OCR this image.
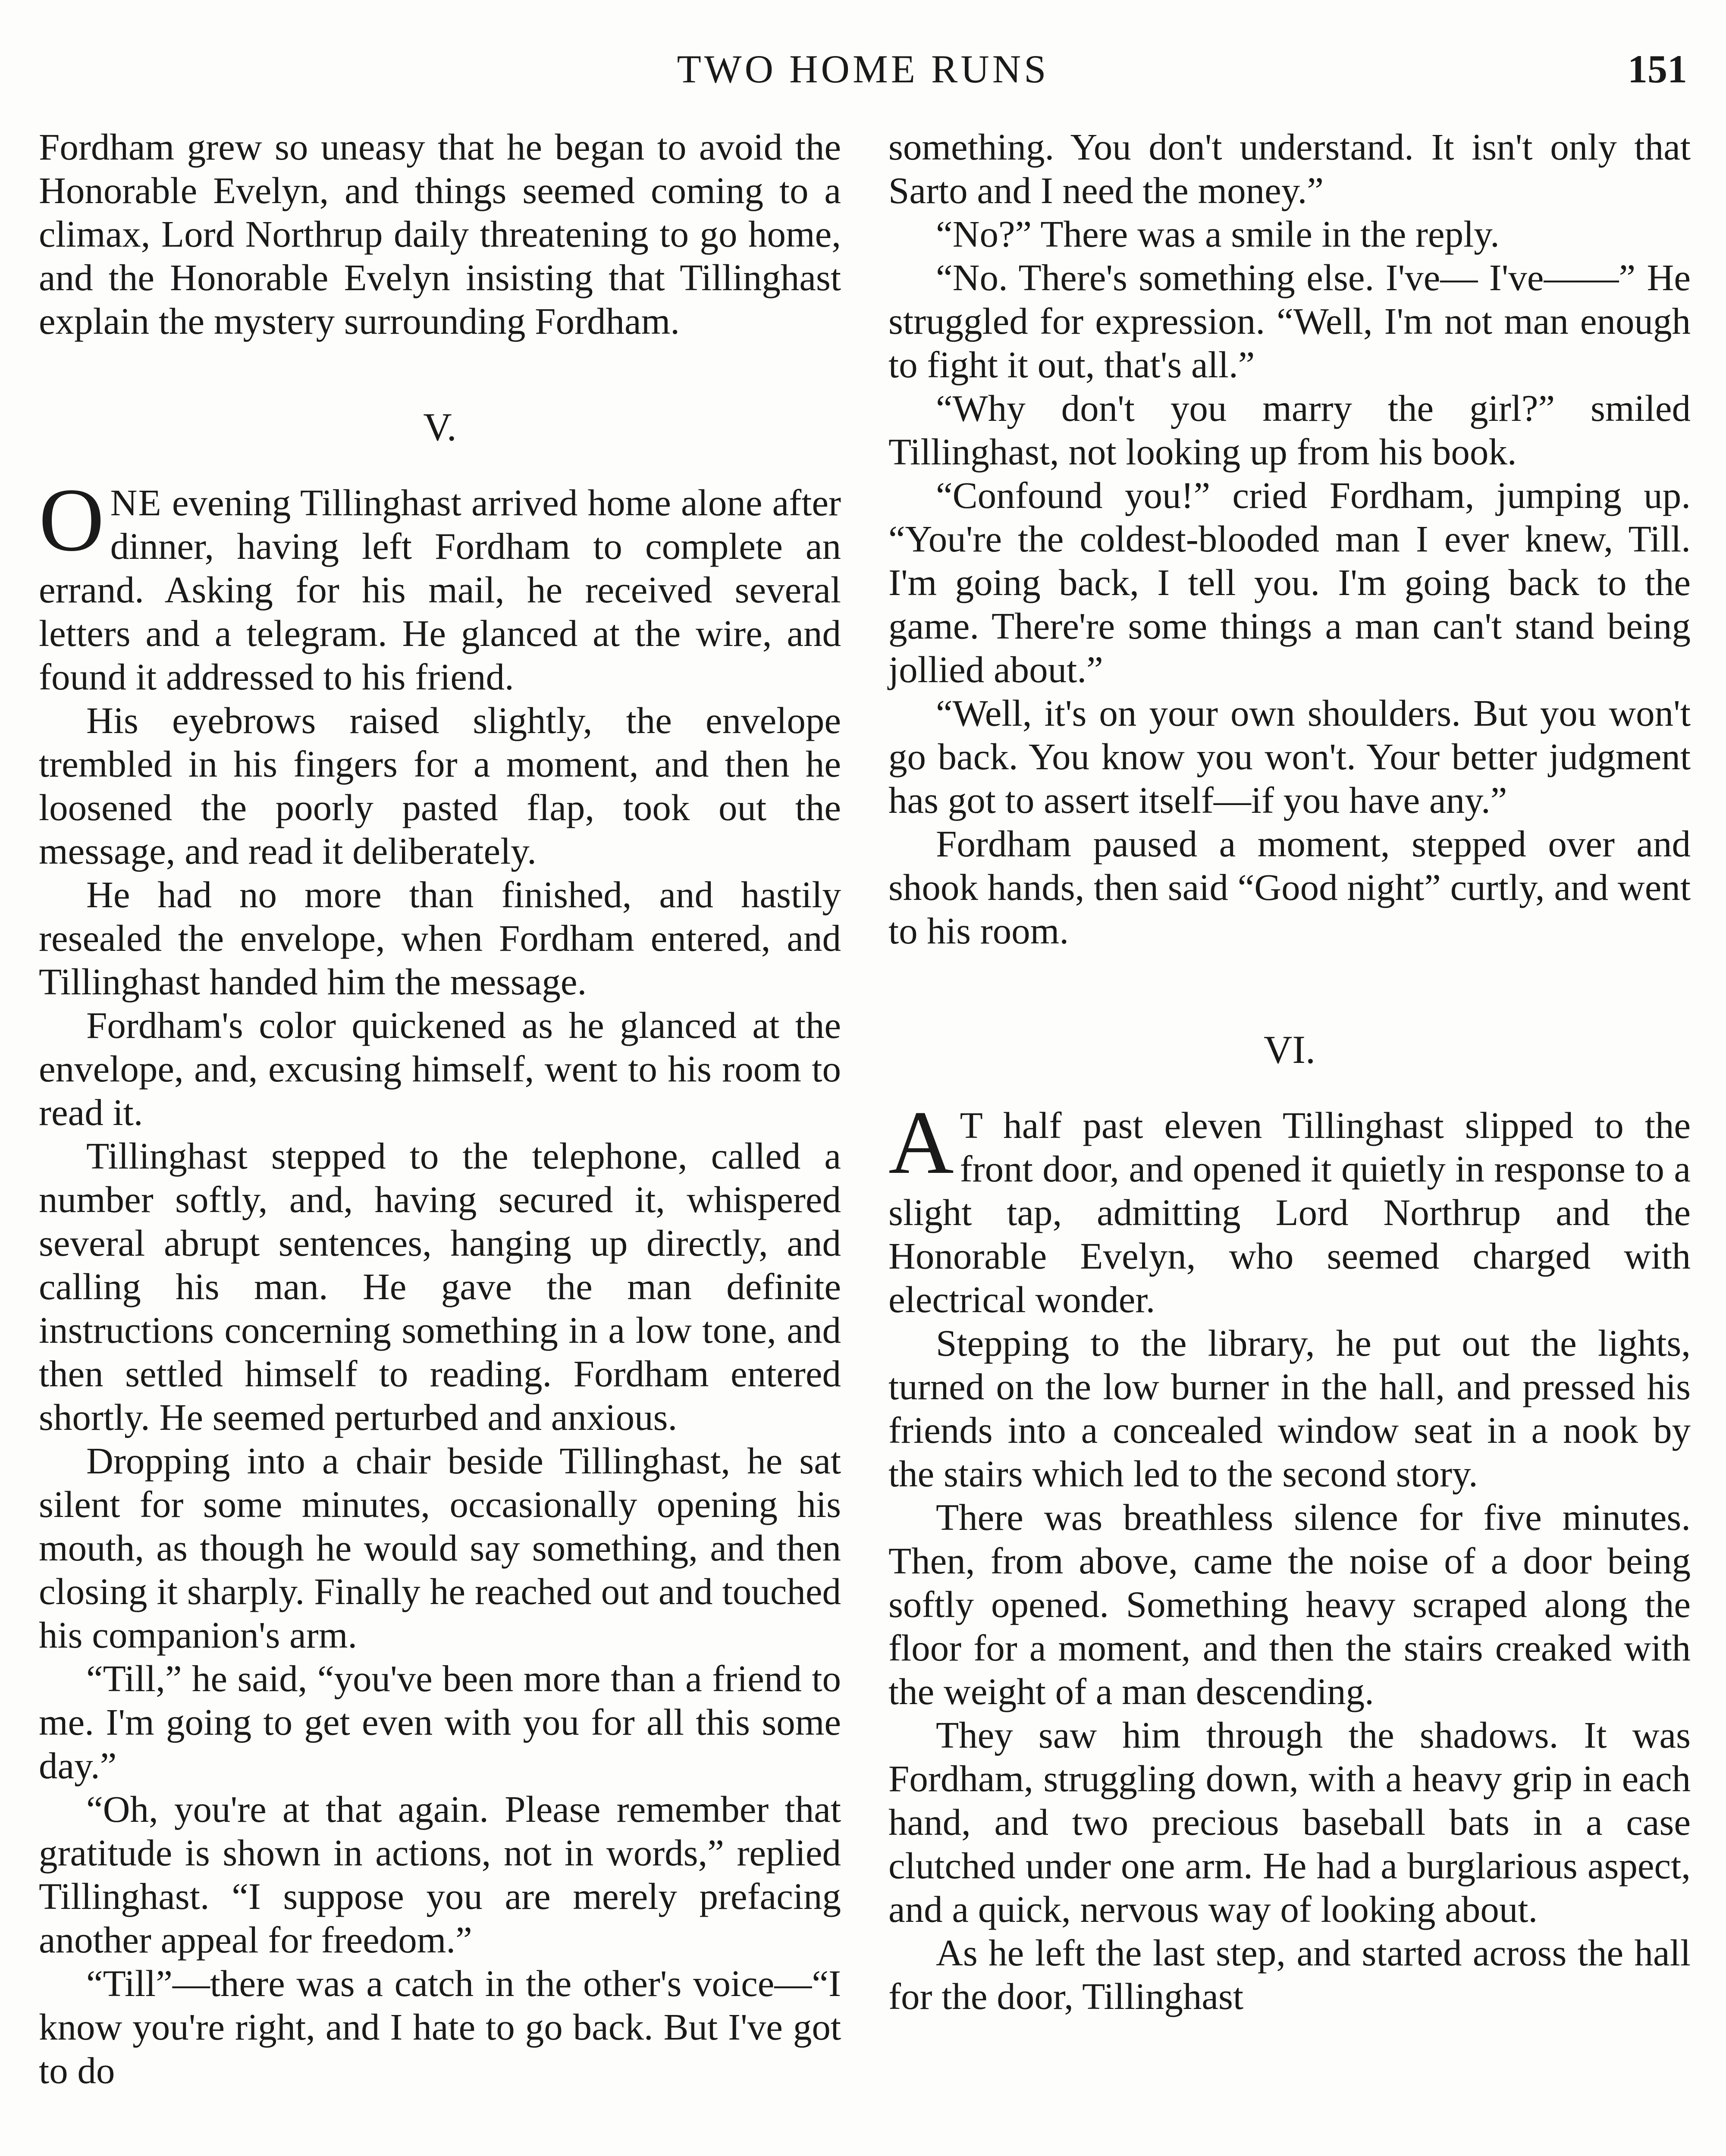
TWO HOME RUNS	151

Fordham grew so uneasy that he began to avoid the Honorable Evelyn, and things seemed coming to a climax, Lord Northrup daily threatening to go home, and the Honorable Evelyn insisting that Tillinghast explain the mystery surrounding Fordham.

V.

ONE evening Tillinghast arrived home alone after dinner, having left Fordham to complete an errand. Asking for his mail, he received several letters and a telegram. He glanced at the wire, and found it addressed to his friend.

His eyebrows raised slightly, the envelope trembled in his fingers for a moment, and then he loosened the poorly pasted flap, took out the message, and read it deliberately.

He had no more than finished, and hastily resealed the envelope, when Fordham entered, and Tillinghast handed him the message.

Fordham's color quickened as he glanced at the envelope, and, excusing himself, went to his room to read it.

Tillinghast stepped to the telephone, called a number softly, and, having secured it, whispered several abrupt sentences, hanging up directly, and calling his man. He gave the man definite instructions concerning something in a low tone, and then settled himself to reading. Fordham entered shortly. He seemed perturbed and anxious.

Dropping into a chair beside Tillinghast, he sat silent for some minutes, occasionally opening his mouth, as though he would say something, and then closing it sharply. Finally he reached out and touched his companion's arm.

“Till,” he said, “you've been more than a friend to me. I'm going to get even with you for all this some day.”

“Oh, you're at that again. Please remember that gratitude is shown in actions, not in words,” replied Tillinghast. “I suppose you are merely prefacing another appeal for freedom.”

“Till”—there was a catch in the other's voice—“I know you're right, and I hate to go back. But I've got to do

something. You don't understand. It isn't only that Sarto and I need the money.”

“No?” There was a smile in the reply.

“No. There's something else. I've— I've——” He struggled for expression. “Well, I'm not man enough to fight it out, that's all.”

“Why don't you marry the girl?” smiled Tillinghast, not looking up from his book.

“Confound you!” cried Fordham, jumping up. “You're the coldest-blooded man I ever knew, Till. I'm going back, I tell you. I'm going back to the game. There're some things a man can't stand being jollied about.”

“Well, it's on your own shoulders. But you won't go back. You know you won't. Your better judgment has got to assert itself—if you have any.”

Fordham paused a moment, stepped over and shook hands, then said “Good night” curtly, and went to his room.

VI.

A T half past eleven Tillinghast slipped to the front door, and opened it quietly in response to a slight tap, admitting Lord Northrup and the Honorable Evelyn, who seemed charged with electrical wonder.

Stepping to the library, he put out the lights, turned on the low burner in the hall, and pressed his friends into a concealed window seat in a nook by the stairs which led to the second story.

There was breathless silence for five minutes. Then, from above, came the noise of a door being softly opened. Something heavy scraped along the floor for a moment, and then the stairs creaked with the weight of a man descending.

They saw him through the shadows. It was Fordham, struggling down, with a heavy grip in each hand, and two precious baseball bats in a case clutched under one arm. He had a burglarious aspect, and a quick, nervous way of looking about.

As he left the last step, and started across the hall for the door, Tillinghast
